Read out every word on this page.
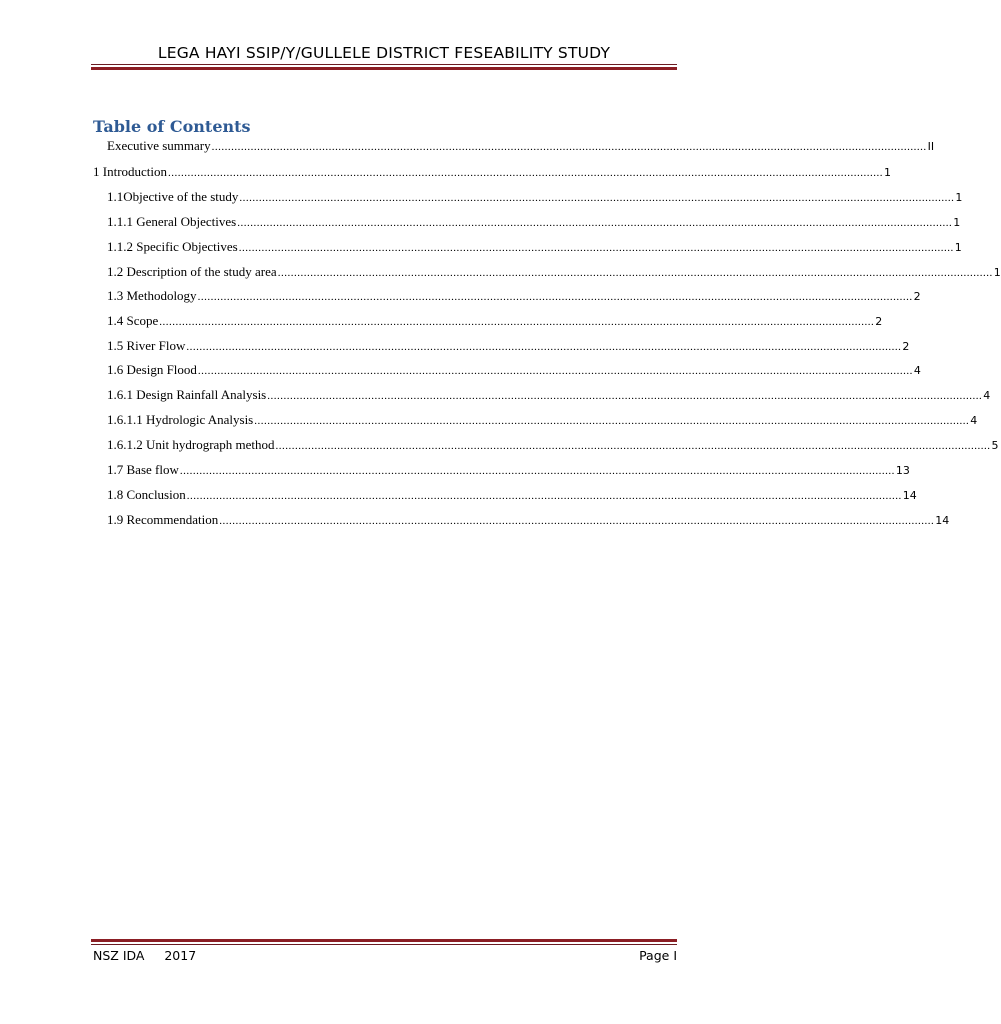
LEGA HAYI SSIP/Y/GULLELE DISTRICT FESEABILITY STUDY
Table of Contents
Executive summary ............................................................................................................................................................................................................................ II
1 Introduction ............................................................................................................................................................................................................................ 1
1.1 Objective of the study ............................................................................................................................................................................................................................ 1
1.1.1 General Objectives ............................................................................................................................................................................................................................ 1
1.1.2 Specific Objectives ............................................................................................................................................................................................................................ 1
1.2 Description of the study area ............................................................................................................................................................................................................................ 1
1.3 Methodology ............................................................................................................................................................................................................................ 2
1.4 Scope ............................................................................................................................................................................................................................ 2
1.5 River Flow ............................................................................................................................................................................................................................ 2
1.6 Design Flood ............................................................................................................................................................................................................................ 4
1.6.1 Design Rainfall Analysis ............................................................................................................................................................................................................................ 4
1.6.1.1 Hydrologic Analysis ............................................................................................................................................................................................................................ 4
1.6.1.2 Unit hydrograph method ............................................................................................................................................................................................................................ 5
1.7 Base flow ............................................................................................................................................................................................................................ 13
1.8 Conclusion ............................................................................................................................................................................................................................ 14
1.9 Recommendation ............................................................................................................................................................................................................................ 14
NSZ IDA     2017	Page I
